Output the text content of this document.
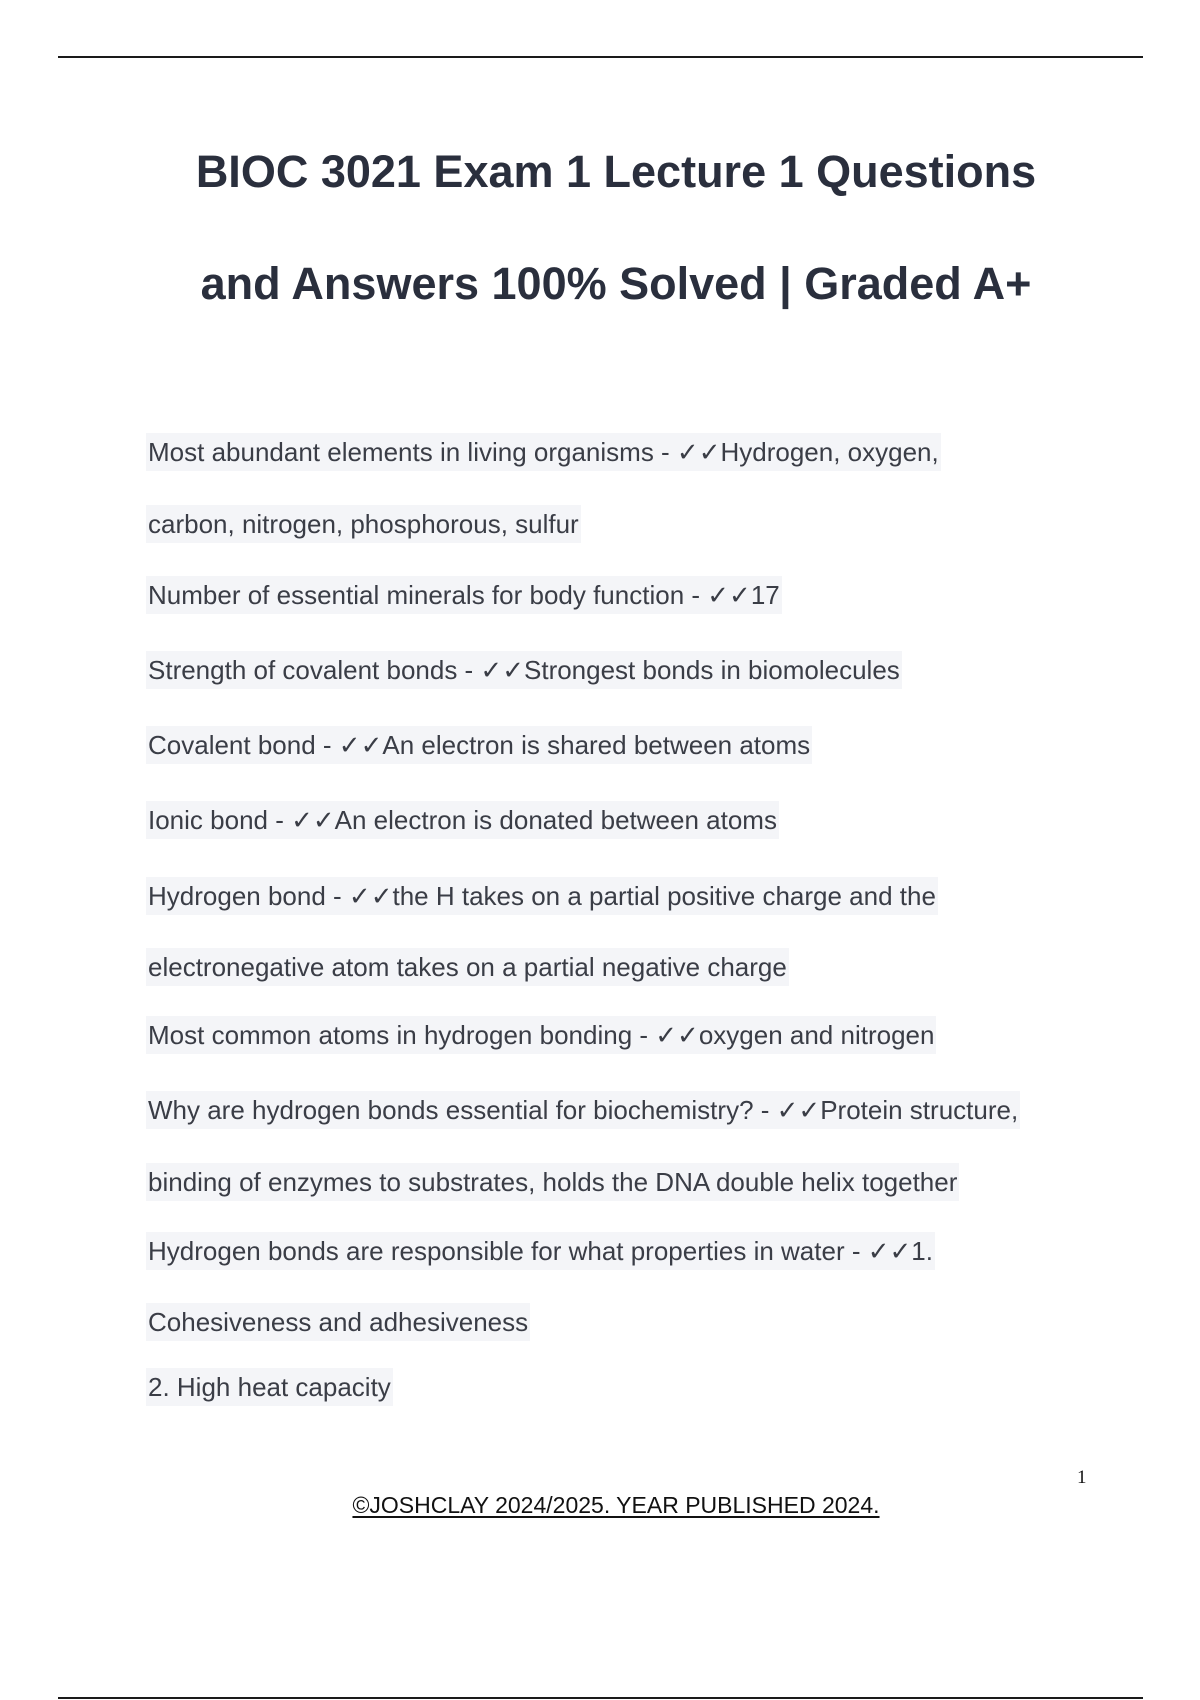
BIOC 3021 Exam 1 Lecture 1 Questions
and Answers 100% Solved | Graded A+
Most abundant elements in living organisms - ✓✓Hydrogen, oxygen,
carbon, nitrogen, phosphorous, sulfur
Number of essential minerals for body function - ✓✓17
Strength of covalent bonds - ✓✓Strongest bonds in biomolecules
Covalent bond - ✓✓An electron is shared between atoms
Ionic bond - ✓✓An electron is donated between atoms
Hydrogen bond - ✓✓the H takes on a partial positive charge and the
electronegative atom takes on a partial negative charge
Most common atoms in hydrogen bonding - ✓✓oxygen and nitrogen
Why are hydrogen bonds essential for biochemistry? - ✓✓Protein structure,
binding of enzymes to substrates, holds the DNA double helix together
Hydrogen bonds are responsible for what properties in water - ✓✓1.
Cohesiveness and adhesiveness
2. High heat capacity
1
©JOSHCLAY 2024/2025. YEAR PUBLISHED 2024.
